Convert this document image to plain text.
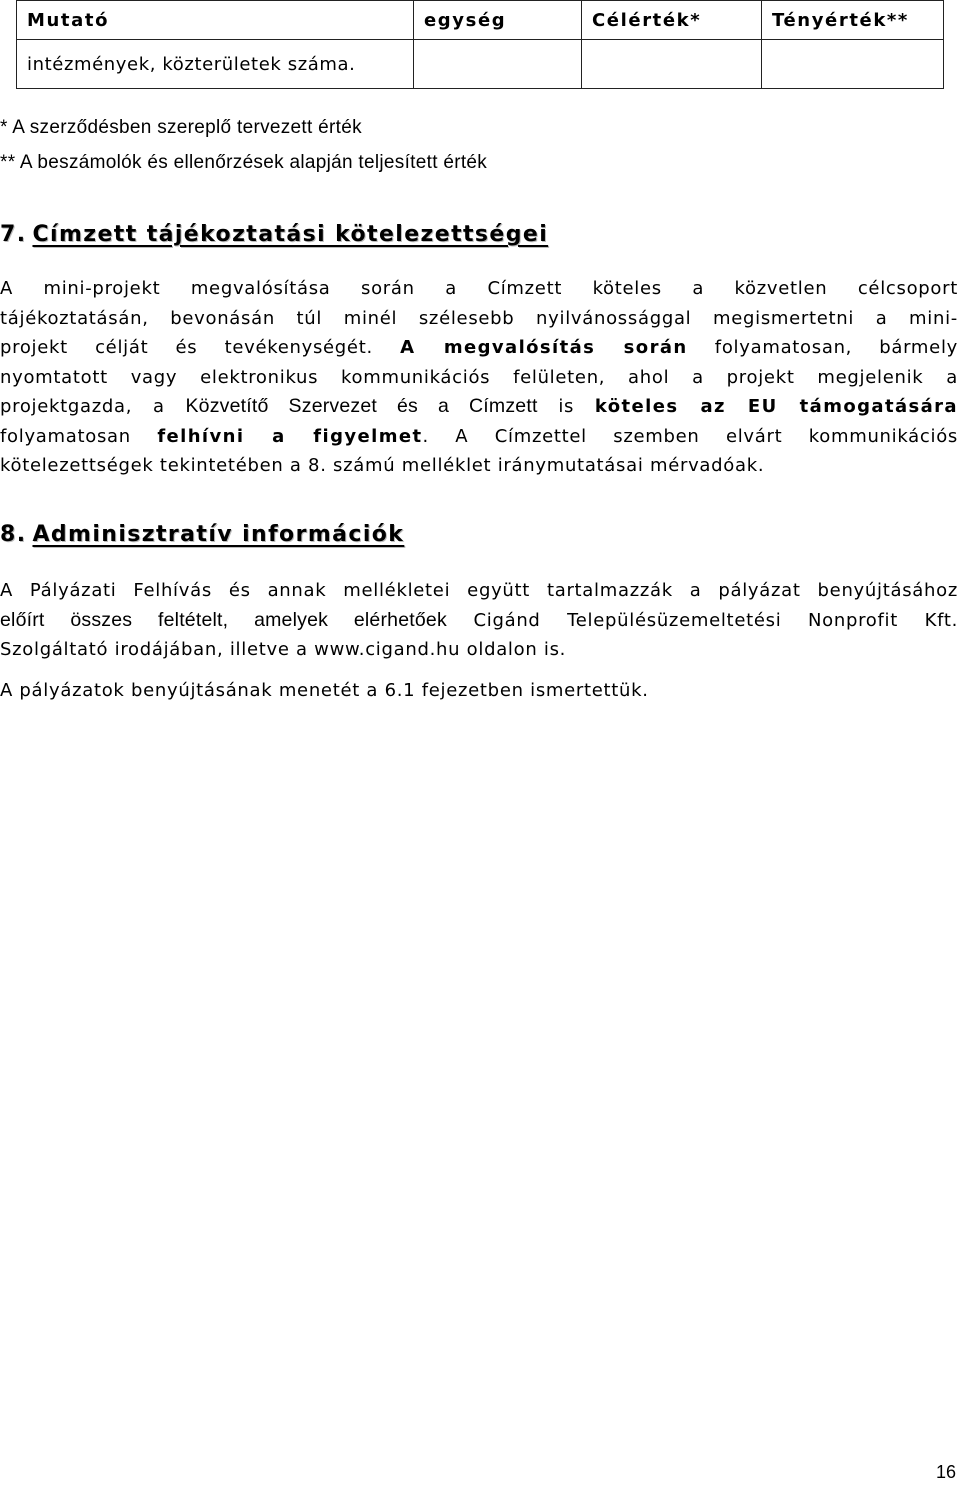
Mutató	egység	Célérték*	Tényérték**
intézmények, közterületek száma.			
* A szerződésben szereplő tervezett érték
** A beszámolók és ellenőrzések alapján teljesített érték
7. Címzett tájékoztatási kötelezettségei
A mini-projekt megvalósítása során a Címzett köteles a közvetlen célcsoport
tájékoztatásán, bevonásán túl minél szélesebb nyilvánossággal megismertetni a mini-
projekt célját és tevékenységét. A megvalósítás során folyamatosan, bármely
nyomtatott vagy elektronikus kommunikációs felületen, ahol a projekt megjelenik a
projektgazda, a Közvetítő Szervezet és a Címzett is köteles az EU támogatására
folyamatosan felhívni a figyelmet. A Címzettel szemben elvárt kommunikációs
kötelezettségek tekintetében a 8. számú melléklet iránymutatásai mérvadóak.
8. Adminisztratív információk
A Pályázati Felhívás és annak mellékletei együtt tartalmazzák a pályázat benyújtásához
előírt összes feltételt, amelyek elérhetőek Cigánd Településüzemeltetési Nonprofit Kft.
Szolgáltató irodájában, illetve a www.cigand.hu oldalon is.
A pályázatok benyújtásának menetét a 6.1 fejezetben ismertettük.
16
